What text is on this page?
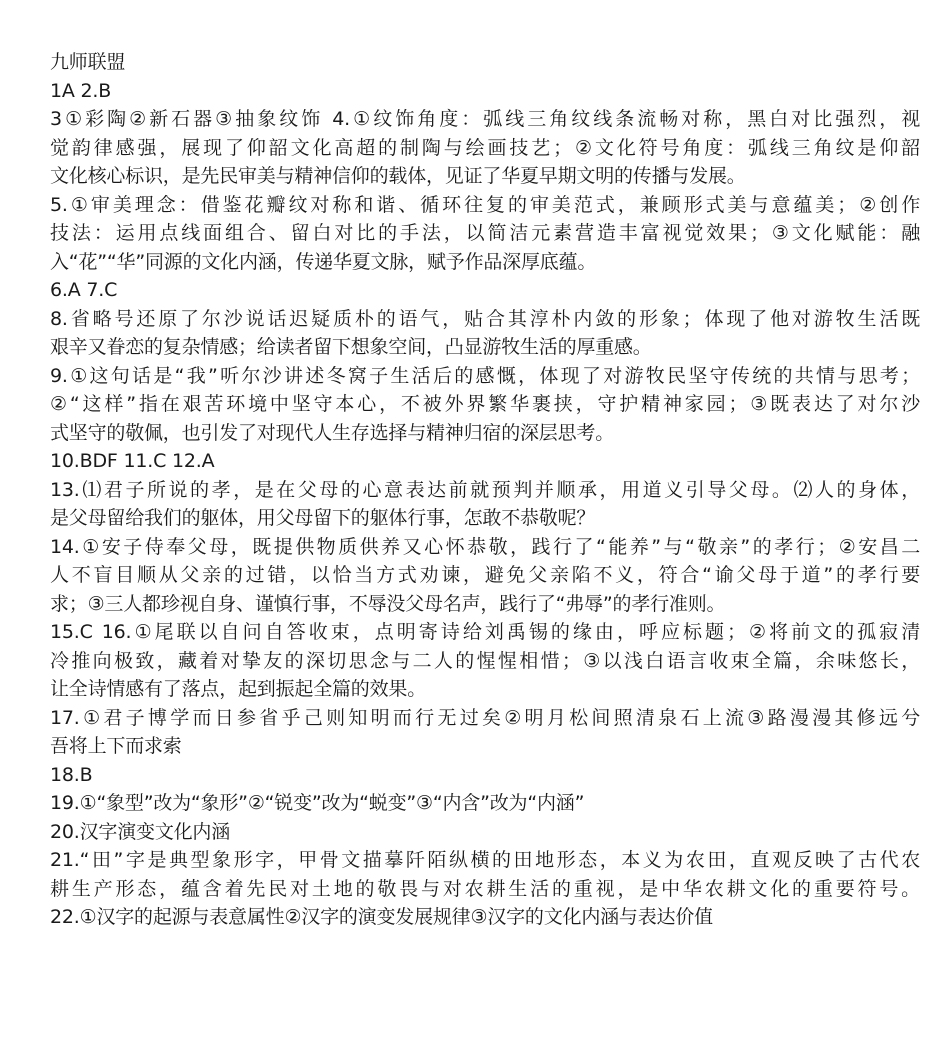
九师联盟
1A 2.B
3①彩陶②新石器③抽象纹饰 4.①纹饰角度：弧线三角纹线条流畅对称，黑白对比强烈，视
觉韵律感强，展现了仰韶文化高超的制陶与绘画技艺；②文化符号角度：弧线三角纹是仰韶
文化核心标识，是先民审美与精神信仰的载体，见证了华夏早期文明的传播与发展。
5.①审美理念：借鉴花瓣纹对称和谐、循环往复的审美范式，兼顾形式美与意蕴美；②创作
技法：运用点线面组合、留白对比的手法，以简洁元素营造丰富视觉效果；③文化赋能：融
入“花”“华”同源的文化内涵，传递华夏文脉，赋予作品深厚底蕴。
6.A 7.C
8.省略号还原了尔沙说话迟疑质朴的语气，贴合其淳朴内敛的形象；体现了他对游牧生活既
艰辛又眷恋的复杂情感；给读者留下想象空间，凸显游牧生活的厚重感。
9.①这句话是“我”听尔沙讲述冬窝子生活后的感慨，体现了对游牧民坚守传统的共情与思考；
②“这样”指在艰苦环境中坚守本心，不被外界繁华裹挟，守护精神家园；③既表达了对尔沙
式坚守的敬佩，也引发了对现代人生存选择与精神归宿的深层思考。
10.BDF 11.C 12.A
13.⑴君子所说的孝，是在父母的心意表达前就预判并顺承，用道义引导父母。⑵人的身体，
是父母留给我们的躯体，用父母留下的躯体行事，怎敢不恭敬呢？
14.①安子侍奉父母，既提供物质供养又心怀恭敬，践行了“能养”与“敬亲”的孝行；②安昌二
人不盲目顺从父亲的过错，以恰当方式劝谏，避免父亲陷不义，符合“谕父母于道”的孝行要
求；③三人都珍视自身、谨慎行事，不辱没父母名声，践行了“弗辱”的孝行准则。
15.C 16.①尾联以自问自答收束，点明寄诗给刘禹锡的缘由，呼应标题；②将前文的孤寂清
冷推向极致，藏着对挚友的深切思念与二人的惺惺相惜；③以浅白语言收束全篇，余味悠长，
让全诗情感有了落点，起到振起全篇的效果。
17.①君子博学而日参省乎己则知明而行无过矣②明月松间照清泉石上流③路漫漫其修远兮
吾将上下而求索
18.B
19.①“象型”改为“象形”②“锐变”改为“蜕变”③“内含”改为“内涵”
20.汉字演变文化内涵
21.“田”字是典型象形字，甲骨文描摹阡陌纵横的田地形态，本义为农田，直观反映了古代农
耕生产形态，蕴含着先民对土地的敬畏与对农耕生活的重视，是中华农耕文化的重要符号。
22.①汉字的起源与表意属性②汉字的演变发展规律③汉字的文化内涵与表达价值
